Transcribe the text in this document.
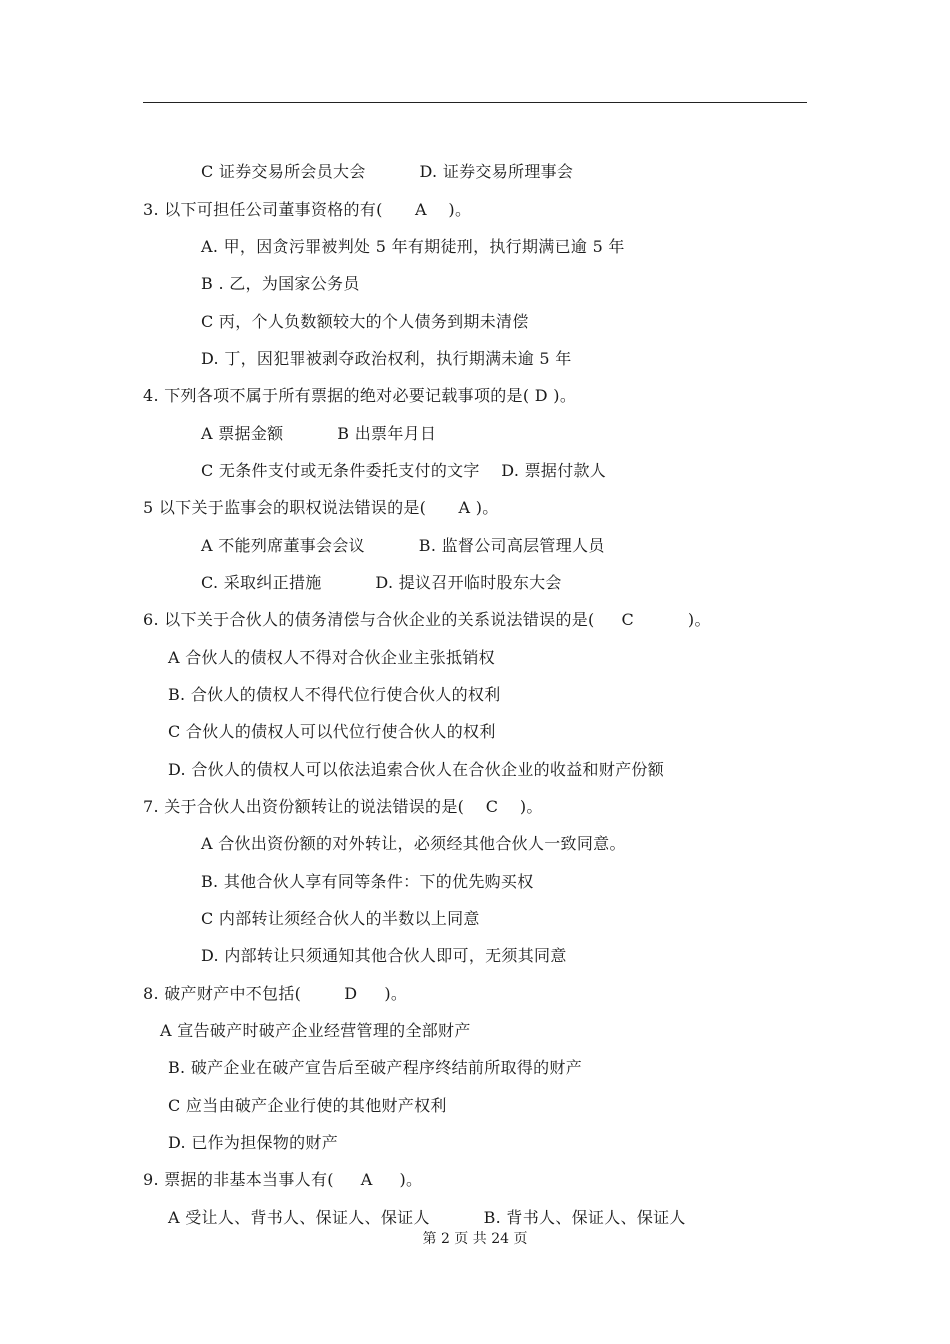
C 证券交易所会员大会          D. 证券交易所理事会
3. 以下可担任公司董事资格的有(      A    )。
A. 甲，因贪污罪被判处 5 年有期徒刑，执行期满已逾 5 年
B . 乙，为国家公务员
C 丙，个人负数额较大的个人债务到期未清偿
D. 丁，因犯罪被剥夺政治权利，执行期满未逾 5 年
4. 下列各项不属于所有票据的绝对必要记载事项的是( D )。
A 票据金额          B 出票年月日
C 无条件支付或无条件委托支付的文字    D. 票据付款人
5 以下关于监事会的职权说法错误的是(      A )。
A 不能列席董事会会议          B. 监督公司高层管理人员
C. 采取纠正措施          D. 提议召开临时股东大会
6. 以下关于合伙人的债务清偿与合伙企业的关系说法错误的是(     C          )。
A 合伙人的债权人不得对合伙企业主张抵销权
B. 合伙人的债权人不得代位行使合伙人的权利
C 合伙人的债权人可以代位行使合伙人的权利
D. 合伙人的债权人可以依法追索合伙人在合伙企业的收益和财产份额
7. 关于合伙人出资份额转让的说法错误的是(    C    )。
A 合伙出资份额的对外转让，必须经其他合伙人一致同意。
B. 其他合伙人享有同等条件：下的优先购买权
C 内部转让须经合伙人的半数以上同意
D. 内部转让只须通知其他合伙人即可，无须其同意
8. 破产财产中不包括(        D     )。
A 宣告破产时破产企业经营管理的全部财产
B. 破产企业在破产宣告后至破产程序终结前所取得的财产
C 应当由破产企业行使的其他财产权利
D. 已作为担保物的财产
9. 票据的非基本当事人有(     A     )。
A 受让人、背书人、保证人、保证人          B. 背书人、保证人、保证人
第 2 页 共 24 页
